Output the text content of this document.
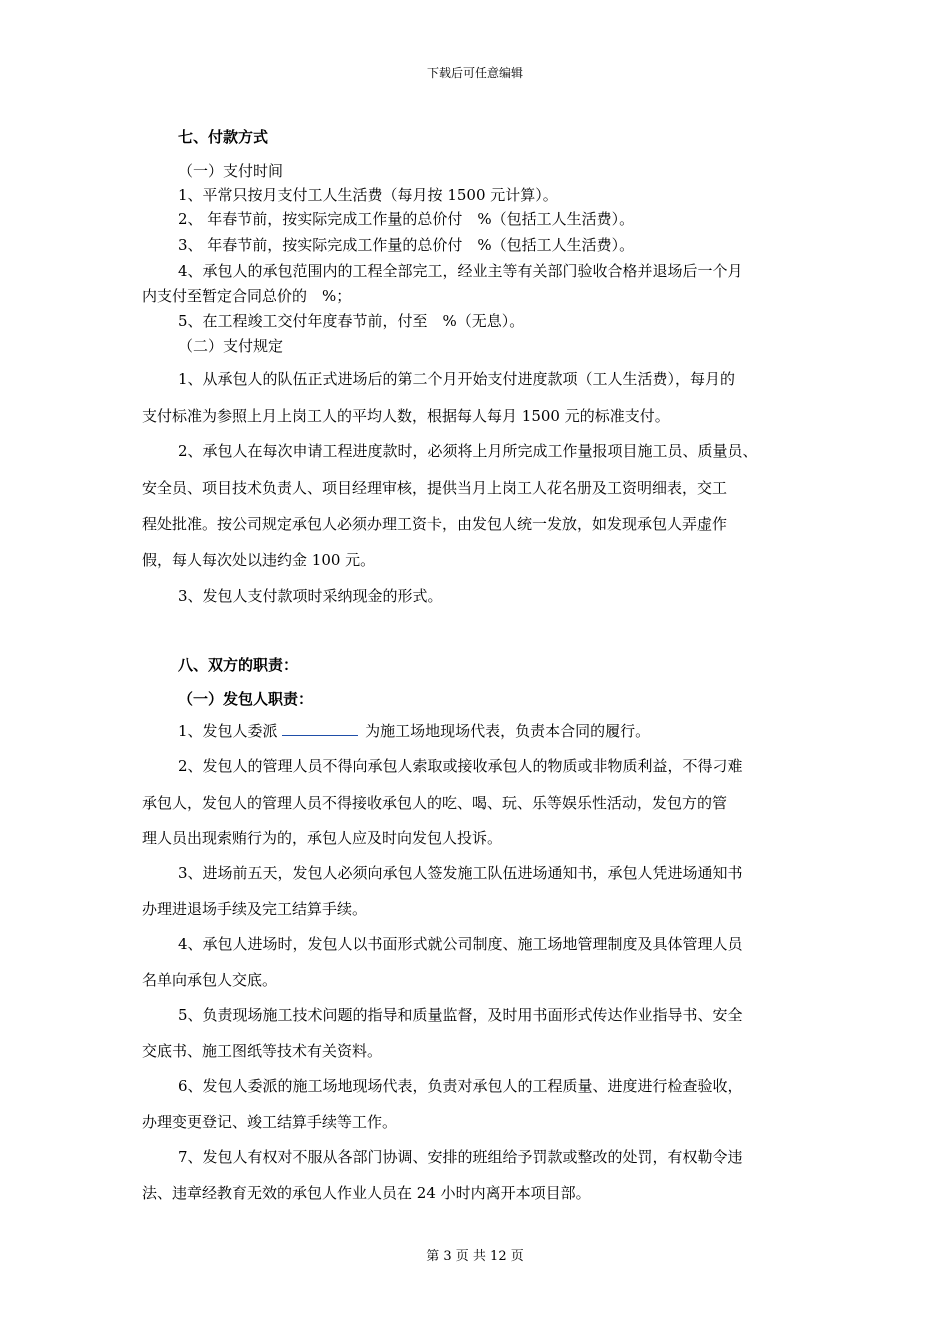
下载后可任意编辑
七、付款方式
（一）支付时间
1、平常只按月支付工人生活费（每月按 1500 元计算）。
2、 年春节前，按实际完成工作量的总价付　%（包括工人生活费）。
3、 年春节前，按实际完成工作量的总价付　%（包括工人生活费）。
4、承包人的承包范围内的工程全部完工，经业主等有关部门验收合格并退场后一个月
内支付至暂定合同总价的　%；
5、在工程竣工交付年度春节前，付至　%（无息）。
（二）支付规定
1、从承包人的队伍正式进场后的第二个月开始支付进度款项（工人生活费），每月的
支付标准为参照上月上岗工人的平均人数，根据每人每月 1500 元的标准支付。
2、承包人在每次申请工程进度款时，必须将上月所完成工作量报项目施工员、质量员、
安全员、项目技术负责人、项目经理审核，提供当月上岗工人花名册及工资明细表，交工
程处批准。按公司规定承包人必须办理工资卡，由发包人统一发放，如发现承包人弄虚作
假，每人每次处以违约金 100 元。
3、发包人支付款项时采纳现金的形式。
八、双方的职责：
（一）发包人职责：
1、发包人委派	为施工场地现场代表，负责本合同的履行。
2、发包人的管理人员不得向承包人索取或接收承包人的物质或非物质利益，不得刁难
承包人，发包人的管理人员不得接收承包人的吃、喝、玩、乐等娱乐性活动，发包方的管
理人员出现索贿行为的，承包人应及时向发包人投诉。
3、进场前五天，发包人必须向承包人签发施工队伍进场通知书，承包人凭进场通知书
办理进退场手续及完工结算手续。
4、承包人进场时，发包人以书面形式就公司制度、施工场地管理制度及具体管理人员
名单向承包人交底。
5、负责现场施工技术问题的指导和质量监督，及时用书面形式传达作业指导书、安全
交底书、施工图纸等技术有关资料。
6、发包人委派的施工场地现场代表，负责对承包人的工程质量、进度进行检查验收，
办理变更登记、竣工结算手续等工作。
7、发包人有权对不服从各部门协调、安排的班组给予罚款或整改的处罚，有权勒令违
法、违章经教育无效的承包人作业人员在 24 小时内离开本项目部。
第 3 页 共 12 页
